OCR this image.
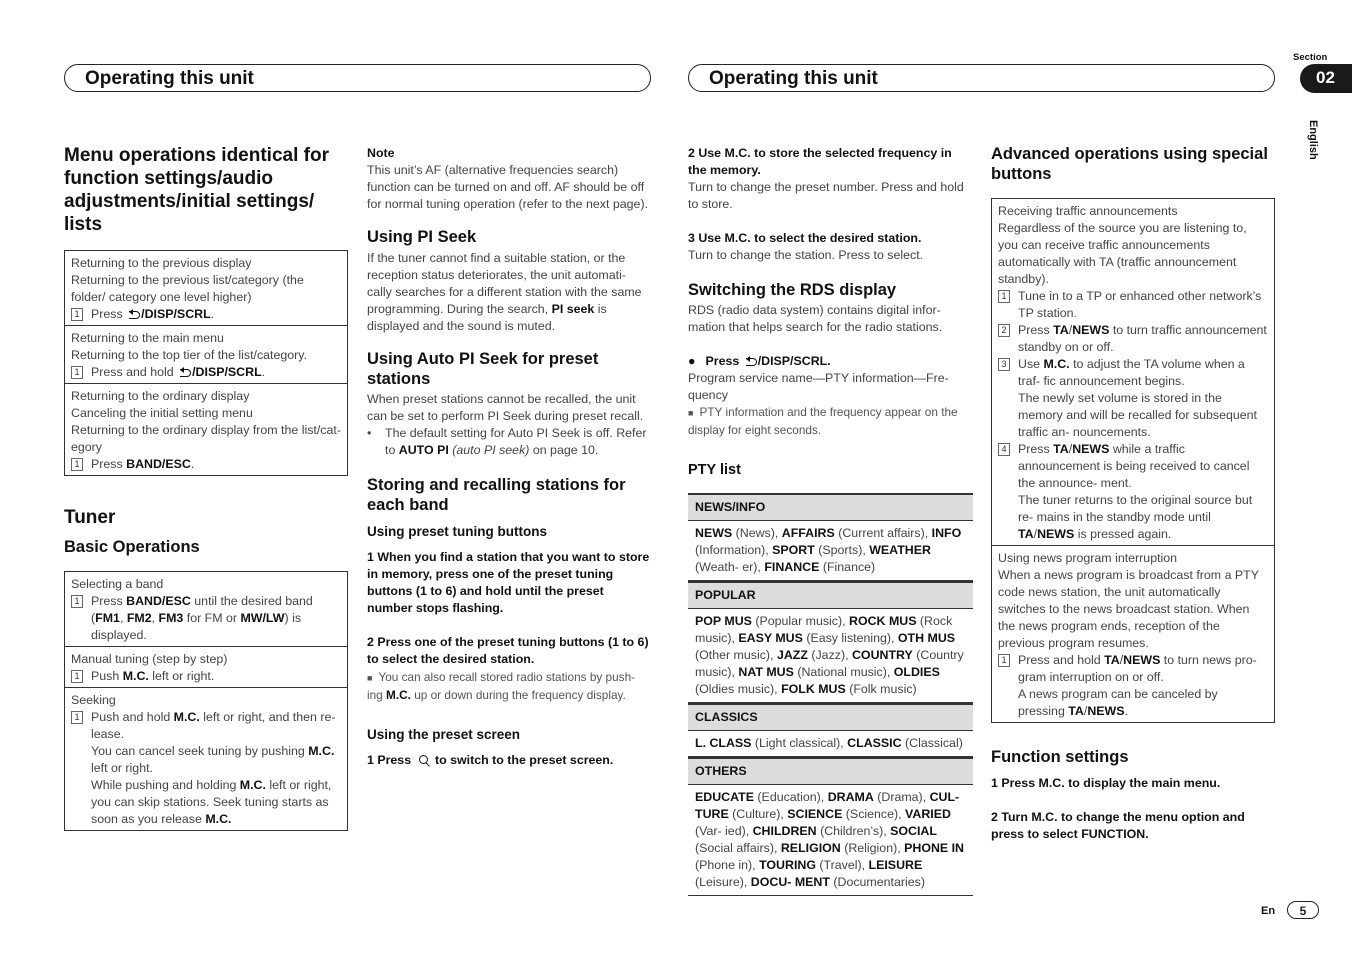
Operating this unit	Operating this unit
Section
02
English
En	5

Menu operations identical for function settings/audio adjustments/initial settings/ lists

Returning to the previous display

Returning to the previous list/category (the folder/ category one level higher)

1 Press /DISP/SCRL.

Returning to the main menu

Returning to the top tier of the list/category.

1 Press and hold /DISP/SCRL.

Returning to the ordinary display

Canceling the initial setting menu

Returning to the ordinary display from the list/cat- egory

1 Press BAND/ESC.

Tuner

Basic Operations

Selecting a band

1 Press BAND/ESC until the desired band (FM1, FM2, FM3 for FM or MW/LW) is displayed.

Manual tuning (step by step)

1 Push M.C. left or right.

Seeking

1 Push and hold M.C. left or right, and then re- lease.

You can cancel seek tuning by pushing M.C. left or right.

While pushing and holding M.C. left or right, you can skip stations. Seek tuning starts as soon as you release M.C.

Note

This unit’s AF (alternative frequencies search) function can be turned on and off. AF should be off for normal tuning operation (refer to the next page).

Using PI Seek

If the tuner cannot find a suitable station, or the reception status deteriorates, the unit automati- cally searches for a different station with the same programming. During the search, PI seek is displayed and the sound is muted.

Using Auto PI Seek for preset stations

When preset stations cannot be recalled, the unit can be set to perform PI Seek during preset recall.

•	The default setting for Auto PI Seek is off. Refer to AUTO PI (auto PI seek) on page 10.

Storing and recalling stations for each band

Using preset tuning buttons

1 When you find a station that you want to store in memory, press one of the preset tuning buttons (1 to 6) and hold until the preset number stops flashing.

2 Press one of the preset tuning buttons (1 to 6) to select the desired station.

■ You can also recall stored radio stations by push- ing M.C. up or down during the frequency display.

Using the preset screen

1 Press  to switch to the preset screen.

2 Use M.C. to store the selected frequency in the memory.

Turn to change the preset number. Press and hold to store.

3 Use M.C. to select the desired station.

Turn to change the station. Press to select.

Switching the RDS display

RDS (radio data system) contains digital infor- mation that helps search for the radio stations.

● Press /DISP/SCRL.

Program service name—PTY information—Fre- quency

■ PTY information and the frequency appear on the display for eight seconds.

PTY list

NEWS/INFO
NEWS (News), AFFAIRS (Current affairs), INFO (Information), SPORT (Sports), WEATHER (Weath- er), FINANCE (Finance)
POPULAR
POP MUS (Popular music), ROCK MUS (Rock music), EASY MUS (Easy listening), OTH MUS (Other music), JAZZ (Jazz), COUNTRY (Country music), NAT MUS (National music), OLDIES (Oldies music), FOLK MUS (Folk music)
CLASSICS
L. CLASS (Light classical), CLASSIC (Classical)
OTHERS
EDUCATE (Education), DRAMA (Drama), CUL- TURE (Culture), SCIENCE (Science), VARIED (Var- ied), CHILDREN (Children’s), SOCIAL (Social affairs), RELIGION (Religion), PHONE IN (Phone in), TOURING (Travel), LEISURE (Leisure), DOCU- MENT (Documentaries)

Advanced operations using special buttons

Receiving traffic announcements

Regardless of the source you are listening to, you can receive traffic announcements automatically with TA (traffic announcement standby).

1 Tune in to a TP or enhanced other network’s TP station.
2 Press TA/NEWS to turn traffic announcement standby on or off.
3 Use M.C. to adjust the TA volume when a traf- fic announcement begins.

The newly set volume is stored in the memory and will be recalled for subsequent traffic an- nouncements.

4 Press TA/NEWS while a traffic announcement is being received to cancel the announce- ment.

The tuner returns to the original source but re- mains in the standby mode until TA/NEWS is pressed again.

Using news program interruption

When a news program is broadcast from a PTY code news station, the unit automatically switches to the news broadcast station. When the news program ends, reception of the previous program resumes.

1 Press and hold TA/NEWS to turn news pro- gram interruption on or off.

A news program can be canceled by pressing TA/NEWS.

Function settings

1 Press M.C. to display the main menu.

2 Turn M.C. to change the menu option and press to select FUNCTION.
